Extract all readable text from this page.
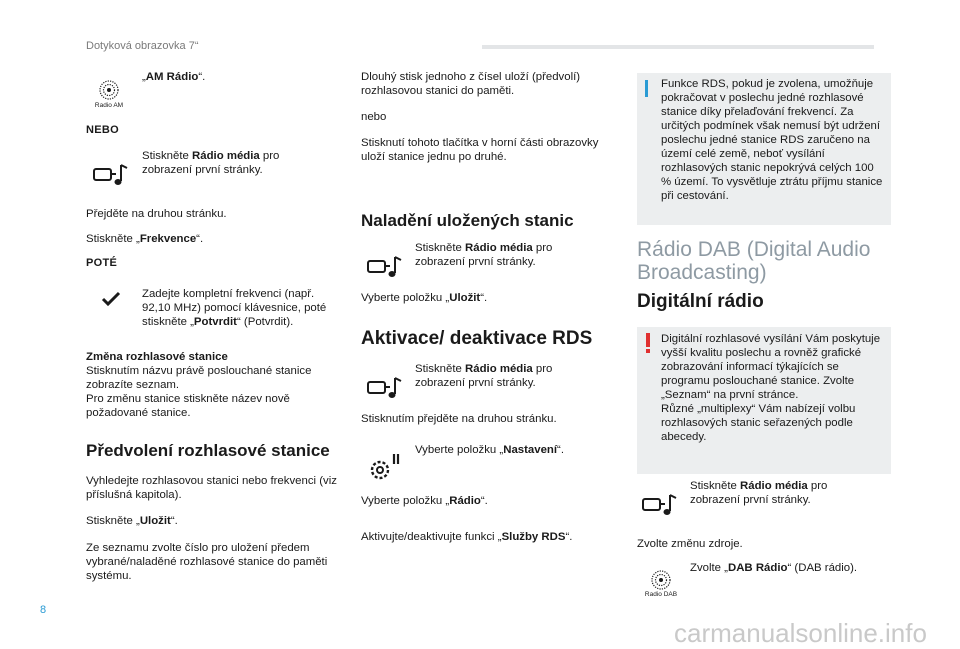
Dotyková obrazovka 7“
Radio AM
„AM Rádio“.
NEBO
Stiskněte Rádio média pro zobrazení první stránky.
Přejděte na druhou stránku.
Stiskněte „Frekvence“.
POTÉ
Zadejte kompletní frekvenci (např. 92,10 MHz) pomocí klávesnice, poté stiskněte „Potvrdit“ (Potvrdit).
Změna rozhlasové stanice
Stisknutím názvu právě poslouchané stanice zobrazíte seznam.
Pro změnu stanice stiskněte název nově požadované stanice.
Předvolení rozhlasové stanice
Vyhledejte rozhlasovou stanici nebo frekvenci (viz příslušná kapitola).
Stiskněte „Uložit“.
Ze seznamu zvolte číslo pro uložení předem vybrané/naladěné rozhlasové stanice do paměti systému.
Dlouhý stisk jednoho z čísel uloží (předvolí) rozhlasovou stanici do paměti.
nebo
Stisknutí tohoto tlačítka v horní části obrazovky uloží stanice jednu po druhé.
Naladění uložených stanic
Stiskněte Rádio média pro zobrazení první stránky.
Vyberte položku „Uložit“.
Aktivace/ deaktivace RDS
Stiskněte Rádio média pro zobrazení první stránky.
Stisknutím přejděte na druhou stránku.
Vyberte položku „Nastavení“.
Vyberte položku „Rádio“.
Aktivujte/deaktivujte funkci „Služby RDS“.
Funkce RDS, pokud je zvolena, umožňuje pokračovat v poslechu jedné rozhlasové stanice díky přelaďování frekvencí. Za určitých podmínek však nemusí být udržení poslechu jedné stanice RDS zaručeno na území celé země, neboť vysílání rozhlasových stanic nepokrývá celých 100 % území. To vysvětluje ztrátu příjmu stanice při cestování.
Rádio DAB (Digital Audio
Broadcasting)
Digitální rádio
Digitální rozhlasové vysílání Vám poskytuje vyšší kvalitu poslechu a rovněž grafické zobrazování informací týkajících se programu poslouchané stanice. Zvolte „Seznam“ na první stránce.
Různé „multiplexy“ Vám nabízejí volbu rozhlasových stanic seřazených podle abecedy.
Stiskněte Rádio média pro zobrazení první stránky.
Zvolte změnu zdroje.
Radio DAB
Zvolte „DAB Rádio“ (DAB rádio).
8
carmanualsonline.info
